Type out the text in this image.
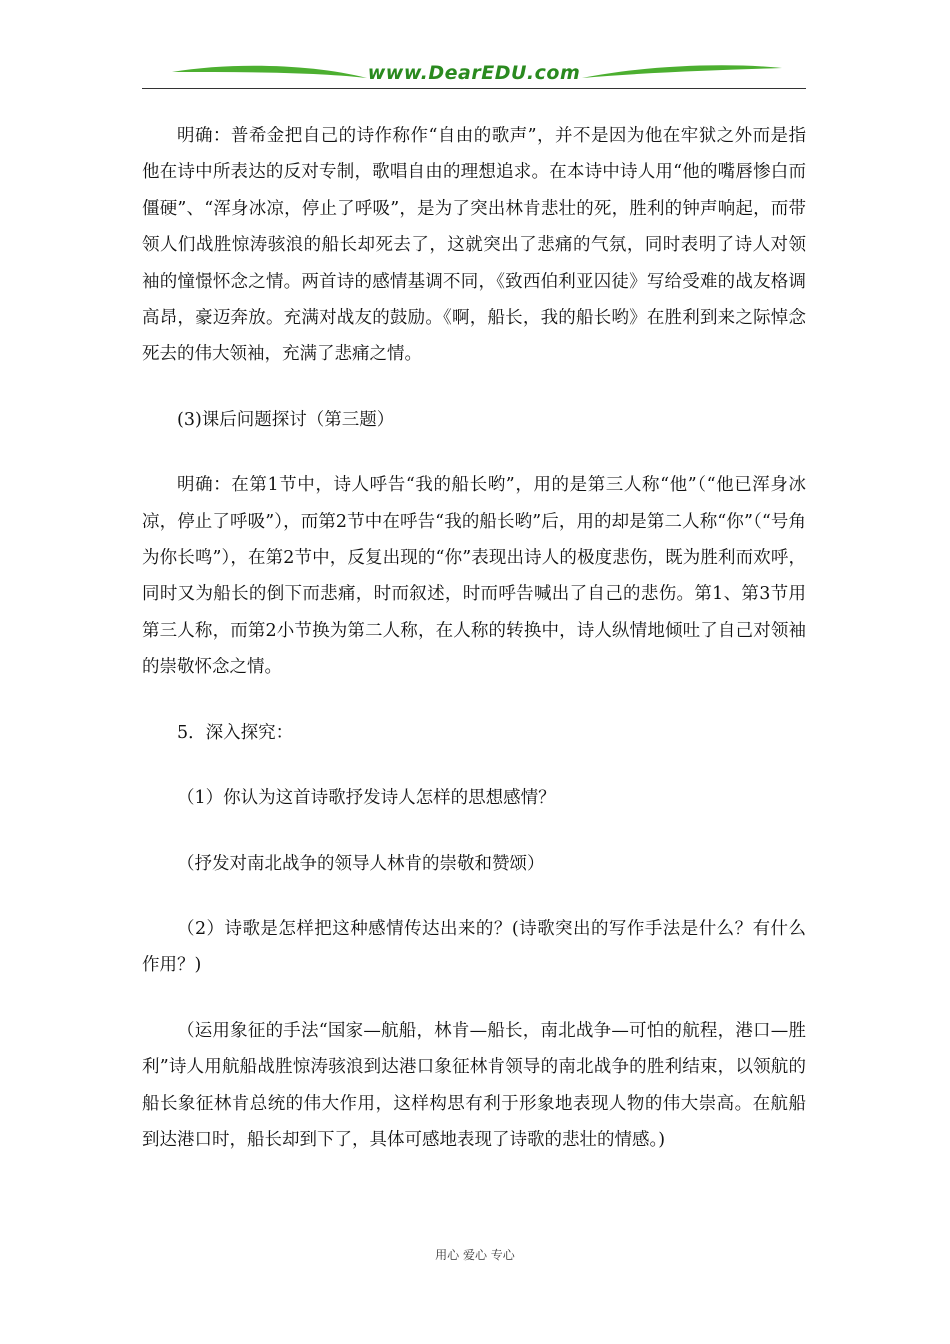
www.DearEDU.com

明确：普希金把自己的诗作称作“自由的歌声”，并不是因为他在牢狱之外而是指他在诗中所表达的反对专制，歌唱自由的理想追求。在本诗中诗人用“他的嘴唇惨白而僵硬”、“浑身冰凉，停止了呼吸”，是为了突出林肯悲壮的死，胜利的钟声响起，而带领人们战胜惊涛骇浪的船长却死去了，这就突出了悲痛的气氛，同时表明了诗人对领袖的憧憬怀念之情。两首诗的感情基调不同，《致西伯利亚囚徒》写给受难的战友格调高昂，豪迈奔放。充满对战友的鼓励。《啊，船长，我的船长哟》在胜利到来之际悼念死去的伟大领袖，充满了悲痛之情。

(3)课后问题探讨（第三题）

明确：在第1节中，诗人呼告“我的船长哟”，用的是第三人称“他”（“他已浑身冰凉，停止了呼吸”），而第2节中在呼告“我的船长哟”后，用的却是第二人称“你”（“号角为你长鸣”），在第2节中，反复出现的“你”表现出诗人的极度悲伤，既为胜利而欢呼，同时又为船长的倒下而悲痛，时而叙述，时而呼告喊出了自己的悲伤。第1、第3节用第三人称，而第2小节换为第二人称，在人称的转换中，诗人纵情地倾吐了自己对领袖的崇敬怀念之情。

5．深入探究：

（1）你认为这首诗歌抒发诗人怎样的思想感情？

（抒发对南北战争的领导人林肯的崇敬和赞颂）

（2）诗歌是怎样把这种感情传达出来的？(诗歌突出的写作手法是什么？有什么作用？)

（运用象征的手法“国家—航船，林肯—船长，南北战争—可怕的航程，港口—胜利”诗人用航船战胜惊涛骇浪到达港口象征林肯领导的南北战争的胜利结束，以领航的船长象征林肯总统的伟大作用，这样构思有利于形象地表现人物的伟大崇高。在航船到达港口时，船长却到下了，具体可感地表现了诗歌的悲壮的情感。)

用心 爱心 专心
